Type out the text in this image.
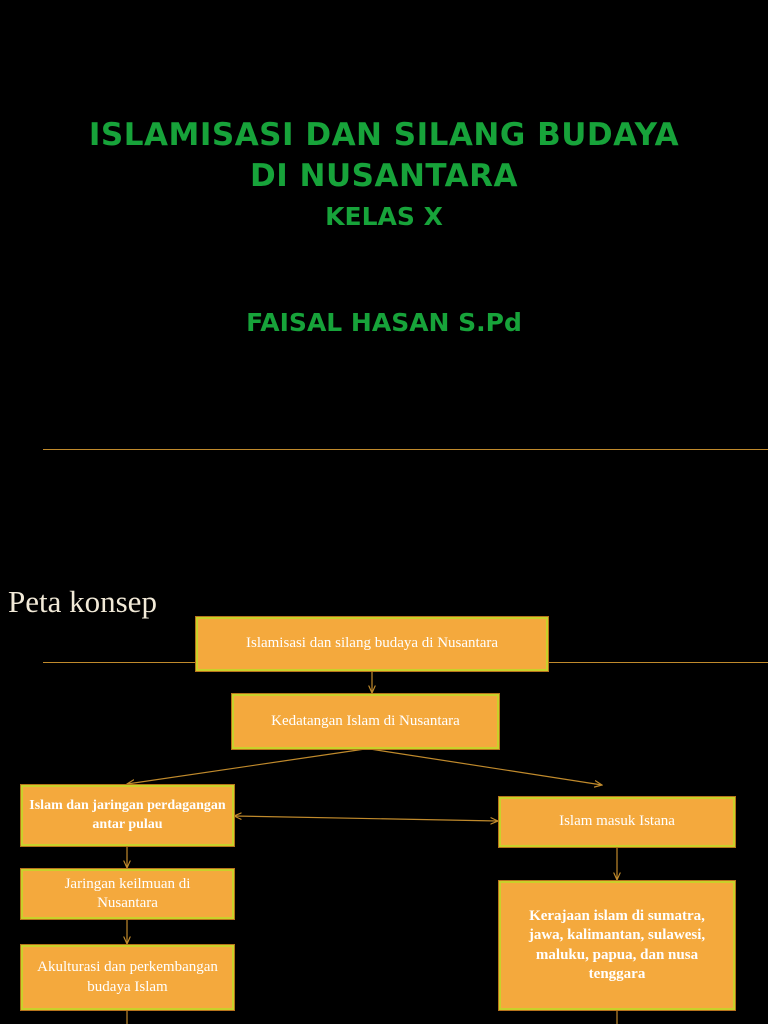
ISLAMISASI DAN SILANG BUDAYA
DI NUSANTARA
KELAS X
FAISAL HASAN S.Pd
Peta konsep
Islamisasi dan silang budaya di Nusantara
Kedatangan Islam di Nusantara
Islam dan jaringan perdagangan antar pulau	Islam masuk Istana
Jaringan keilmuan di Nusantara
Kerajaan islam di sumatra, jawa, kalimantan, sulawesi, maluku, papua, dan nusa tenggara
Akulturasi dan perkembangan budaya Islam
